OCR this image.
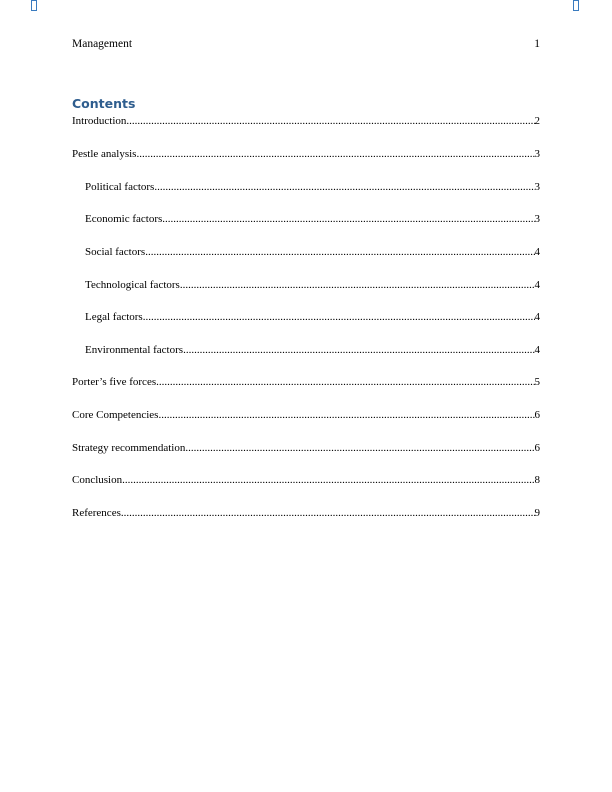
Management	1
Contents
Introduction .....	2
Pestle analysis .....	3
Political factors .....	3
Economic factors .....	3
Social factors .....	4
Technological factors .....	4
Legal factors .....	4
Environmental factors .....	4
Porter’s five forces .....	5
Core Competencies .....	6
Strategy recommendation .....	6
Conclusion .....	8
References .....	9
